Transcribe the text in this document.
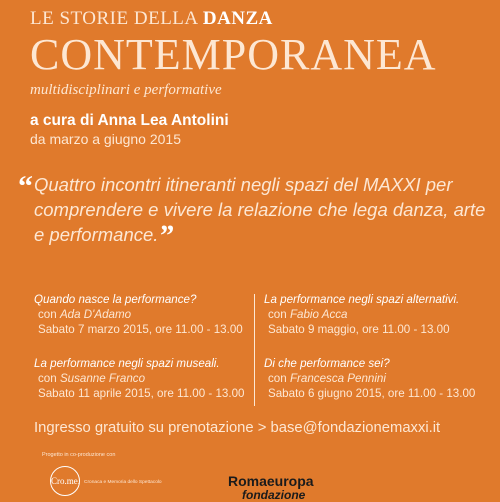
LE STORIE DELLA DANZA
CONTEMPORANEA
multidisciplinari e performative
a cura di Anna Lea Antolini
da marzo a giugno 2015
“ Quattro incontri itineranti negli spazi del MAXXI per comprendere e vivere la relazione che lega danza, arte e performance.”
Quando nasce la performance?
con Ada D'Adamo
Sabato 7 marzo 2015, ore 11.00 - 13.00
La performance negli spazi museali.
con Susanne Franco
Sabato 11 aprile 2015, ore 11.00 - 13.00
La performance negli spazi alternativi.
con Fabio Acca
Sabato 9 maggio, ore 11.00 - 13.00
Di che performance sei?
con Francesca Pennini
Sabato 6 giugno 2015, ore 11.00 - 13.00
Ingresso gratuito su prenotazione > base@fondazionemaxxi.it
Progetto in co-produzione con
Cro.me. Cronaca e Memoria dello Spettacolo	Romaeuropa
fondazione
